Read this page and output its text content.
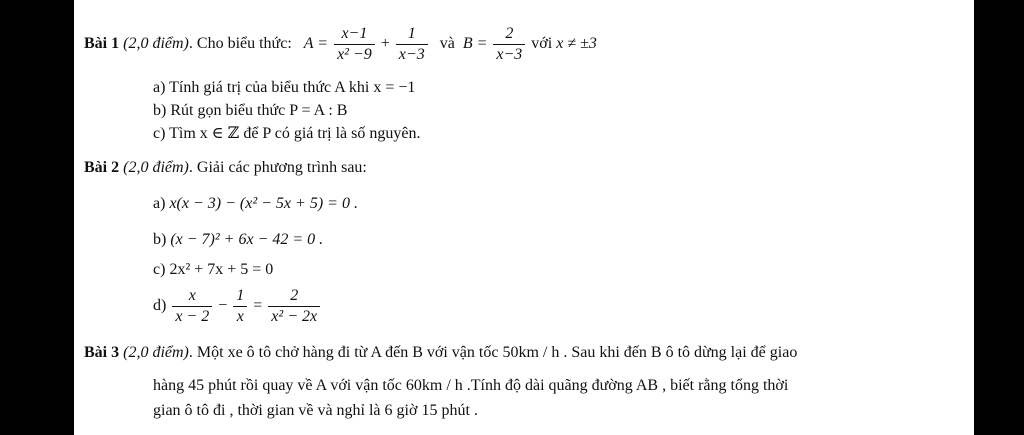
Bài 1 (2,0 điểm). Cho biểu thức: $A = \frac{x-1}{\text{x² −9}} + \frac{1}{x-3}$ và $B = \frac{2}{x-3}$ với x ≠ ±3
a) Tính giá trị của biểu thức A khi x = −1
b) Rút gọn biểu thức P = A : B
c) Tìm x ∈ ℤ để P có giá trị là số nguyên.
Bài 2 (2,0 điểm). Giải các phương trình sau:
a) x(x − 3) − (x² − 5x + 5) = 0 .
b) (x − 7)² + 6x − 42 = 0 .
c) 2x² + 7x + 5 = 0
$d) \frac{x}{x - 2} - \frac{1}{x} = \frac{2}{\text{x² − 2x}}$
Bài 3 (2,0 điểm). Một xe ô tô chở hàng đi từ A đến B với vận tốc 50km / h . Sau khi đến B ô tô dừng lại để giao
hàng 45 phút rồi quay về A với vận tốc 60km / h .Tính độ dài quãng đường AB , biết rằng tổng thời
gian ô tô đi , thời gian về và nghỉ là 6 giờ 15 phút .
